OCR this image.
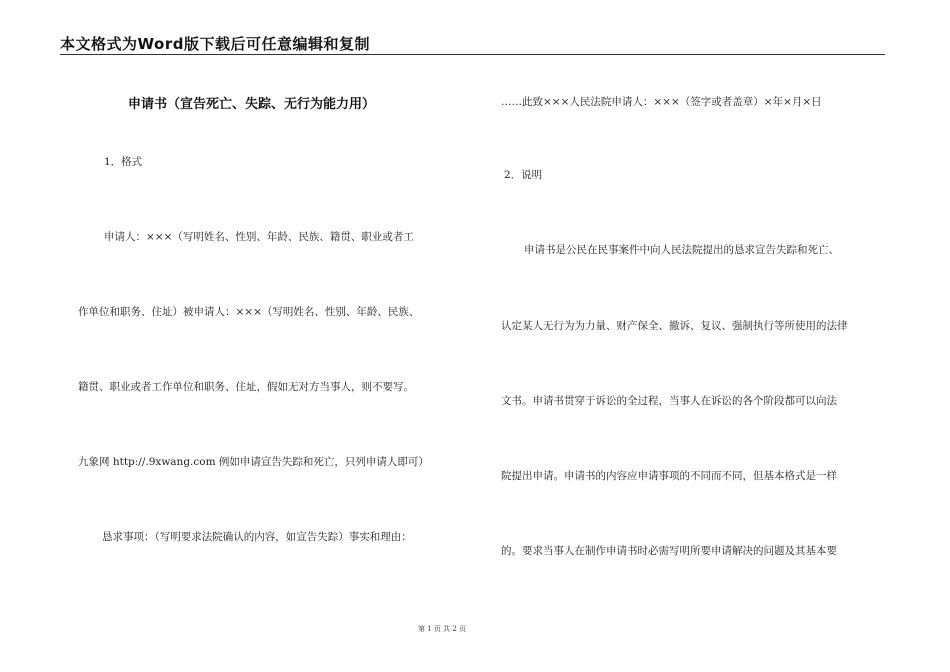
本文格式为Word版下载后可任意编辑和复制
申请书（宣告死亡、失踪、无行为能力用）
1．格式
申请人：×××（写明姓名、性别、年龄、民族、籍贯、职业或者工
作单位和职务、住址）被申请人：×××（写明姓名、性别、年龄、民族、
籍贯、职业或者工作单位和职务、住址，假如无对方当事人，则不要写。
九象网 http://.9xwang.com 例如申请宣告失踪和死亡，只列申请人即可）
恳求事项：（写明要求法院确认的内容，如宣告失踪）事实和理由：
……此致×××人民法院申请人：×××（签字或者盖章）×年×月×日
2．说明
申请书是公民在民事案件中向人民法院提出的恳求宣告失踪和死亡、
认定某人无行为为力量、财产保全、撤诉、复议、强制执行等所使用的法律
文书。申请书贯穿于诉讼的全过程，当事人在诉讼的各个阶段都可以向法
院提出申请。申请书的内容应申请事项的不同而不同，但基本格式是一样
的。要求当事人在制作申请书时必需写明所要申请解决的问题及其基本要
第 1 页 共 2 页
